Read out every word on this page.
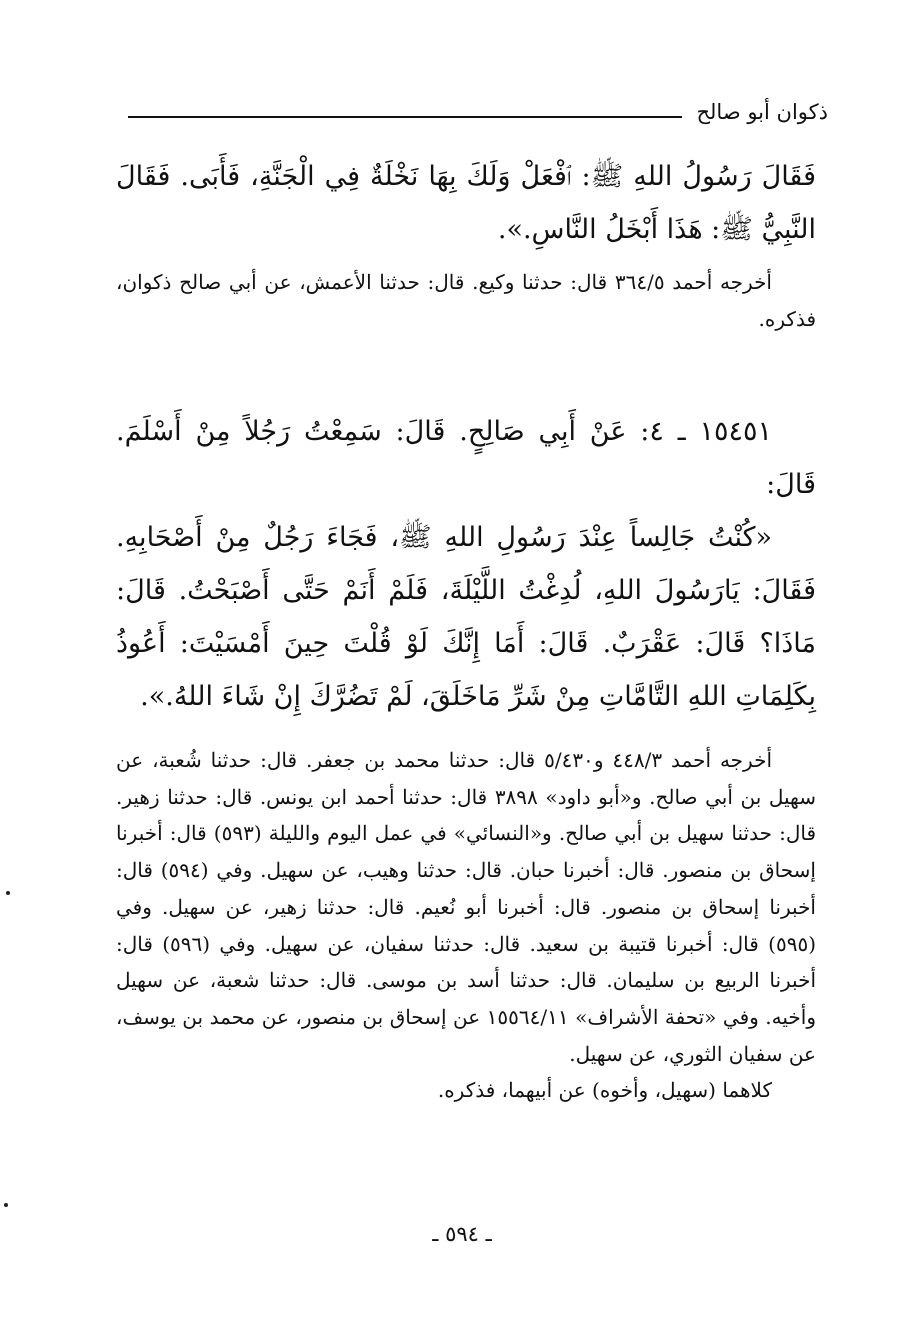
ذكوان أبو صالح

فَقَالَ رَسُولُ اللهِ ﷺ: ٱفْعَلْ وَلَكَ بِهَا نَخْلَةٌ فِي الْجَنَّةِ، فَأَبَى. فَقَالَ النَّبِيُّ ﷺ: هَذَا أَبْخَلُ النَّاسِ.».

أخرجه أحمد ٣٦٤/٥ قال: حدثنا وكيع. قال: حدثنا الأعمش، عن أبي صالح ذكوان، فذكره.

١٥٤٥١ ـ ٤: عَنْ أَبِي صَالِحٍ. قَالَ: سَمِعْتُ رَجُلاً مِنْ أَسْلَمَ. قَالَ:

«كُنْتُ جَالِساً عِنْدَ رَسُولِ اللهِ ﷺ، فَجَاءَ رَجُلٌ مِنْ أَصْحَابِهِ. فَقَالَ: يَارَسُولَ اللهِ، لُدِغْتُ اللَّيْلَةَ، فَلَمْ أَنَمْ حَتَّى أَصْبَحْتُ. قَالَ: مَاذَا؟ قَالَ: عَقْرَبٌ. قَالَ: أَمَا إِنَّكَ لَوْ قُلْتَ حِينَ أَمْسَيْتَ: أَعُوذُ بِكَلِمَاتِ اللهِ التَّامَّاتِ مِنْ شَرِّ مَاخَلَقَ، لَمْ تَضُرَّكَ إِنْ شَاءَ اللهُ.».

أخرجه أحمد ٤٤٨/٣ و٥/٤٣٠ قال: حدثنا محمد بن جعفر. قال: حدثنا شُعبة، عن سهيل بن أبي صالح. و«أبو داود» ٣٨٩٨ قال: حدثنا أحمد ابن يونس. قال: حدثنا زهير. قال: حدثنا سهيل بن أبي صالح. و«النسائي» في عمل اليوم والليلة (٥٩٣) قال: أخبرنا إسحاق بن منصور. قال: أخبرنا حبان. قال: حدثنا وهيب، عن سهيل. وفي (٥٩٤) قال: أخبرنا إسحاق بن منصور. قال: أخبرنا أبو نُعيم. قال: حدثنا زهير، عن سهيل. وفي (٥٩٥) قال: أخبرنا قتيبة بن سعيد. قال: حدثنا سفيان، عن سهيل. وفي (٥٩٦) قال: أخبرنا الربيع بن سليمان. قال: حدثنا أسد بن موسى. قال: حدثنا شعبة، عن سهيل وأخيه. وفي «تحفة الأشراف» ١٥٥٦٤/١١ عن إسحاق بن منصور، عن محمد بن يوسف، عن سفيان الثوري، عن سهيل.

كلاهما (سهيل، وأخوه) عن أبيهما، فذكره.

ـ ٥٩٤ ـ
